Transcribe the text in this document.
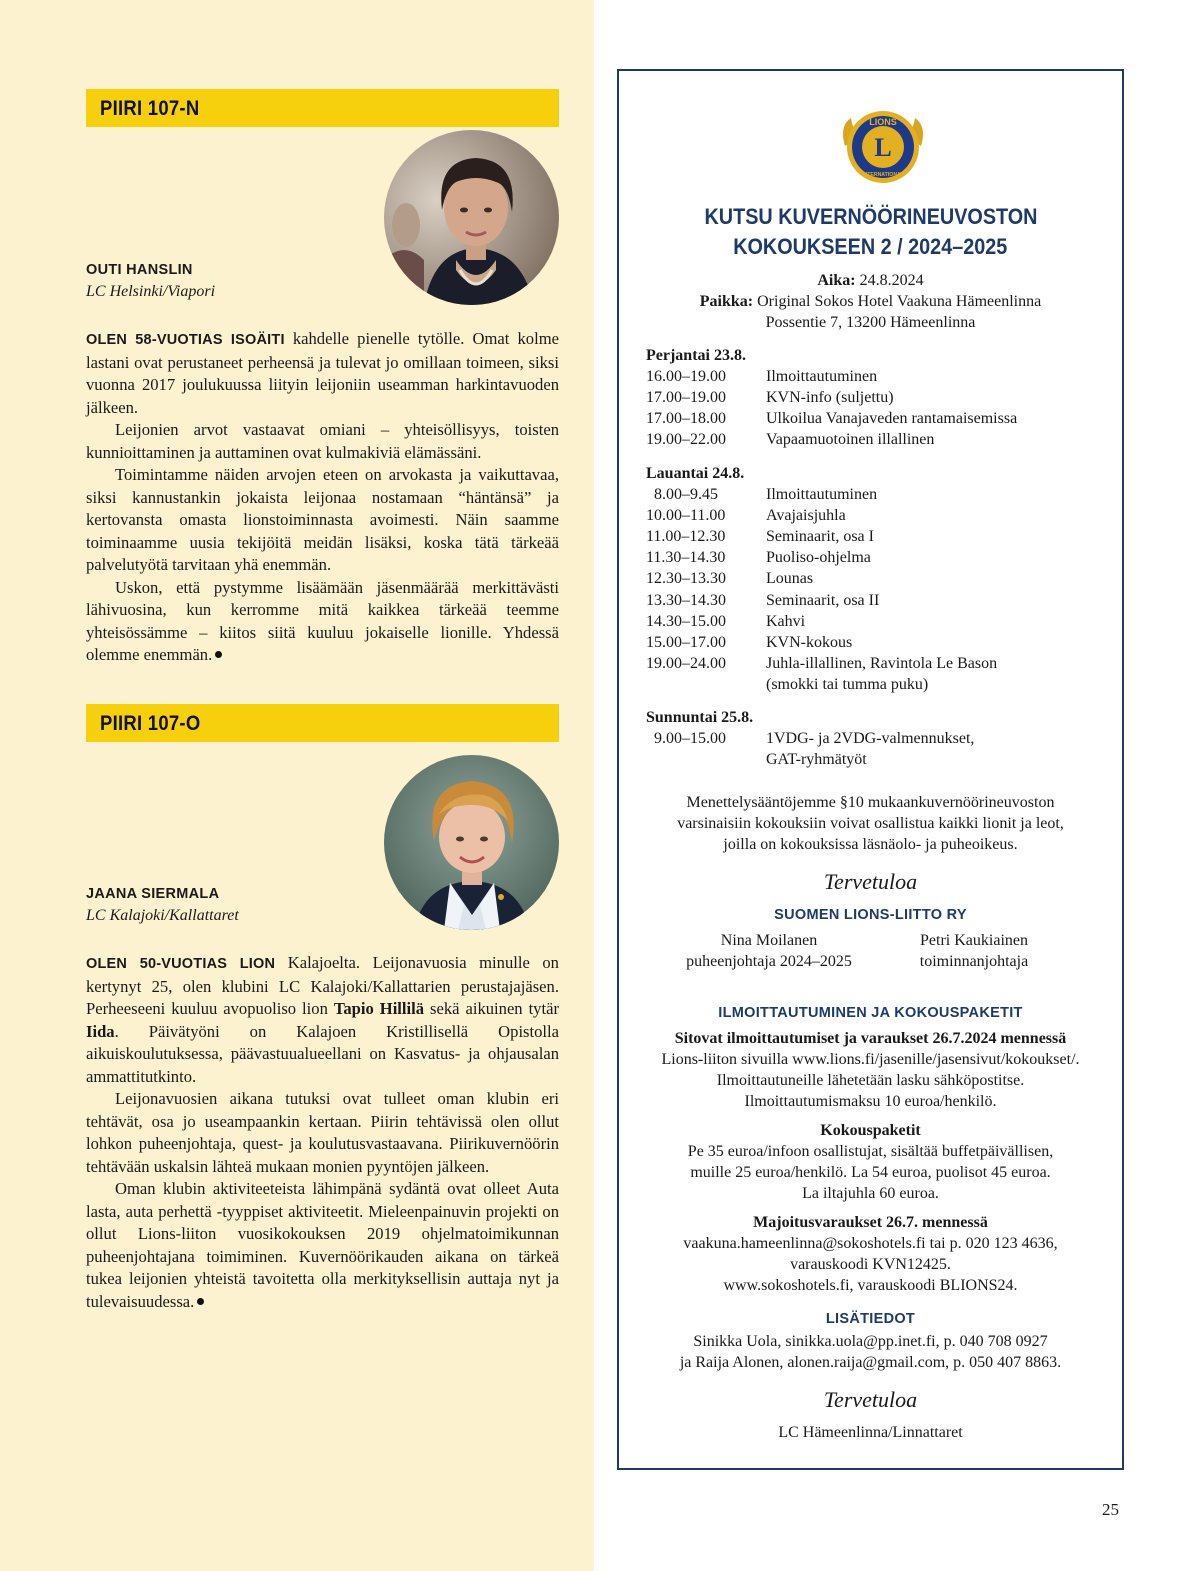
PIIRI 107-N
OUTI HANSLIN
LC Helsinki/Viapori

OLEN 58-VUOTIAS ISOÄITI kahdelle pienelle tytölle. Omat kolme lastani ovat perustaneet perheensä ja tulevat jo omillaan toimeen, siksi vuonna 2017 joulukuussa liityin leijoniin useamman harkintavuoden jälkeen.

Leijonien arvot vastaavat omiani – yhteisöllisyys, toisten kunnioittaminen ja auttaminen ovat kulmakiviä elämässäni.

Toimintamme näiden arvojen eteen on arvokasta ja vaikuttavaa, siksi kannustankin jokaista leijonaa nostamaan “häntänsä” ja kertovansta omasta lionstoiminnasta avoimesti. Näin saamme toiminaamme uusia tekijöitä meidän lisäksi, koska tätä tärkeää palvelutyötä tarvitaan yhä enemmän.

Uskon, että pystymme lisäämään jäsenmäärää merkittävästi lähivuosina, kun kerromme mitä kaikkea tärkeää teemme yhteisössämme – kiitos siitä kuuluu jokaiselle lionille. Yhdessä olemme enemmän.

PIIRI 107-O
JAANA SIERMALA
LC Kalajoki/Kallattaret

OLEN 50-VUOTIAS LION Kalajoelta. Leijonavuosia minulle on kertynyt 25, olen klubini LC Kalajoki/Kallattarien perustajajäsen. Perheeseeni kuuluu avopuoliso lion Tapio Hillilä sekä aikuinen tytär Iida. Päivätyöni on Kalajoen Kristillisellä Opistolla aikuiskoulutuksessa, päävastuualueellani on Kasvatus- ja ohjausalan ammattitutkinto.

Leijonavuosien aikana tutuksi ovat tulleet oman klubin eri tehtävät, osa jo useampaankin kertaan. Piirin tehtävissä olen ollut lohkon puheenjohtaja, quest- ja koulutusvastaavana. Piirikuvernöörin tehtävään uskalsin lähteä mukaan monien pyyntöjen jälkeen.

Oman klubin aktiviteeteista lähimpänä sydäntä ovat olleet Auta lasta, auta perhettä -tyyppiset aktiviteetit. Mieleenpainuvin projekti on ollut Lions-liiton vuosikokouksen 2019 ohjelmatoimikunnan puheenjohtajana toimiminen. Kuvernöörikauden aikana on tärkeä tukea leijonien yhteistä tavoitetta olla merkityksellisin auttaja nyt ja tulevaisuudessa.

L
LIONS
INTERNATIONAL
KUTSU KUVERNÖÖRINEUVOSTON
KOKOUKSEEN 2 / 2024–2025
Aika: 24.8.2024
Paikka: Original Sokos Hotel Vaakuna Hämeenlinna
Possentie 7, 13200 Hämeenlinna
Perjantai 23.8.
16.00–19.00	Ilmoittautuminen
17.00–19.00	KVN-info (suljettu)
17.00–18.00	Ulkoilua Vanajaveden rantamaisemissa
19.00–22.00	Vapaamuotoinen illallinen
Lauantai 24.8.
8.00–9.45	Ilmoittautuminen
10.00–11.00	Avajaisjuhla
11.00–12.30	Seminaarit, osa I
11.30–14.30	Puoliso-ohjelma
12.30–13.30	Lounas
13.30–14.30	Seminaarit, osa II
14.30–15.00	Kahvi
15.00–17.00	KVN-kokous
19.00–24.00	Juhla-illallinen, Ravintola Le Bason
(smokki tai tumma puku)
Sunnuntai 25.8.
9.00–15.00	1VDG- ja 2VDG-valmennukset,
GAT-ryhmätyöt
Menettelysääntöjemme §10 mukaankuvernöörineuvoston
varsinaisiin kokouksiin voivat osallistua kaikki lionit ja leot,
joilla on kokouksissa läsnäolo- ja puheoikeus.
Tervetuloa
SUOMEN LIONS-LIITTO RY
Nina Moilanen
puheenjohtaja 2024–2025
Petri Kaukiainen
toiminnanjohtaja
ILMOITTAUTUMINEN JA KOKOUSPAKETIT
Sitovat ilmoittautumiset ja varaukset 26.7.2024 mennessä
Lions-liiton sivuilla www.lions.fi/jasenille/jasensivut/kokoukset/.
Ilmoittautuneille lähetetään lasku sähköpostitse.
Ilmoittautumismaksu 10 euroa/henkilö.
Kokouspaketit
Pe 35 euroa/infoon osallistujat, sisältää buffetpäivällisen,
muille 25 euroa/henkilö. La 54 euroa, puolisot 45 euroa.
La iltajuhla 60 euroa.
Majoitusvaraukset 26.7. mennessä
vaakuna.hameenlinna@sokoshotels.fi tai p. 020 123 4636,
varauskoodi KVN12425.
www.sokoshotels.fi, varauskoodi BLIONS24.
LISÄTIEDOT
Sinikka Uola, sinikka.uola@pp.inet.fi, p. 040 708 0927
ja Raija Alonen, alonen.raija@gmail.com, p. 050 407 8863.
Tervetuloa
LC Hämeenlinna/Linnattaret
25
